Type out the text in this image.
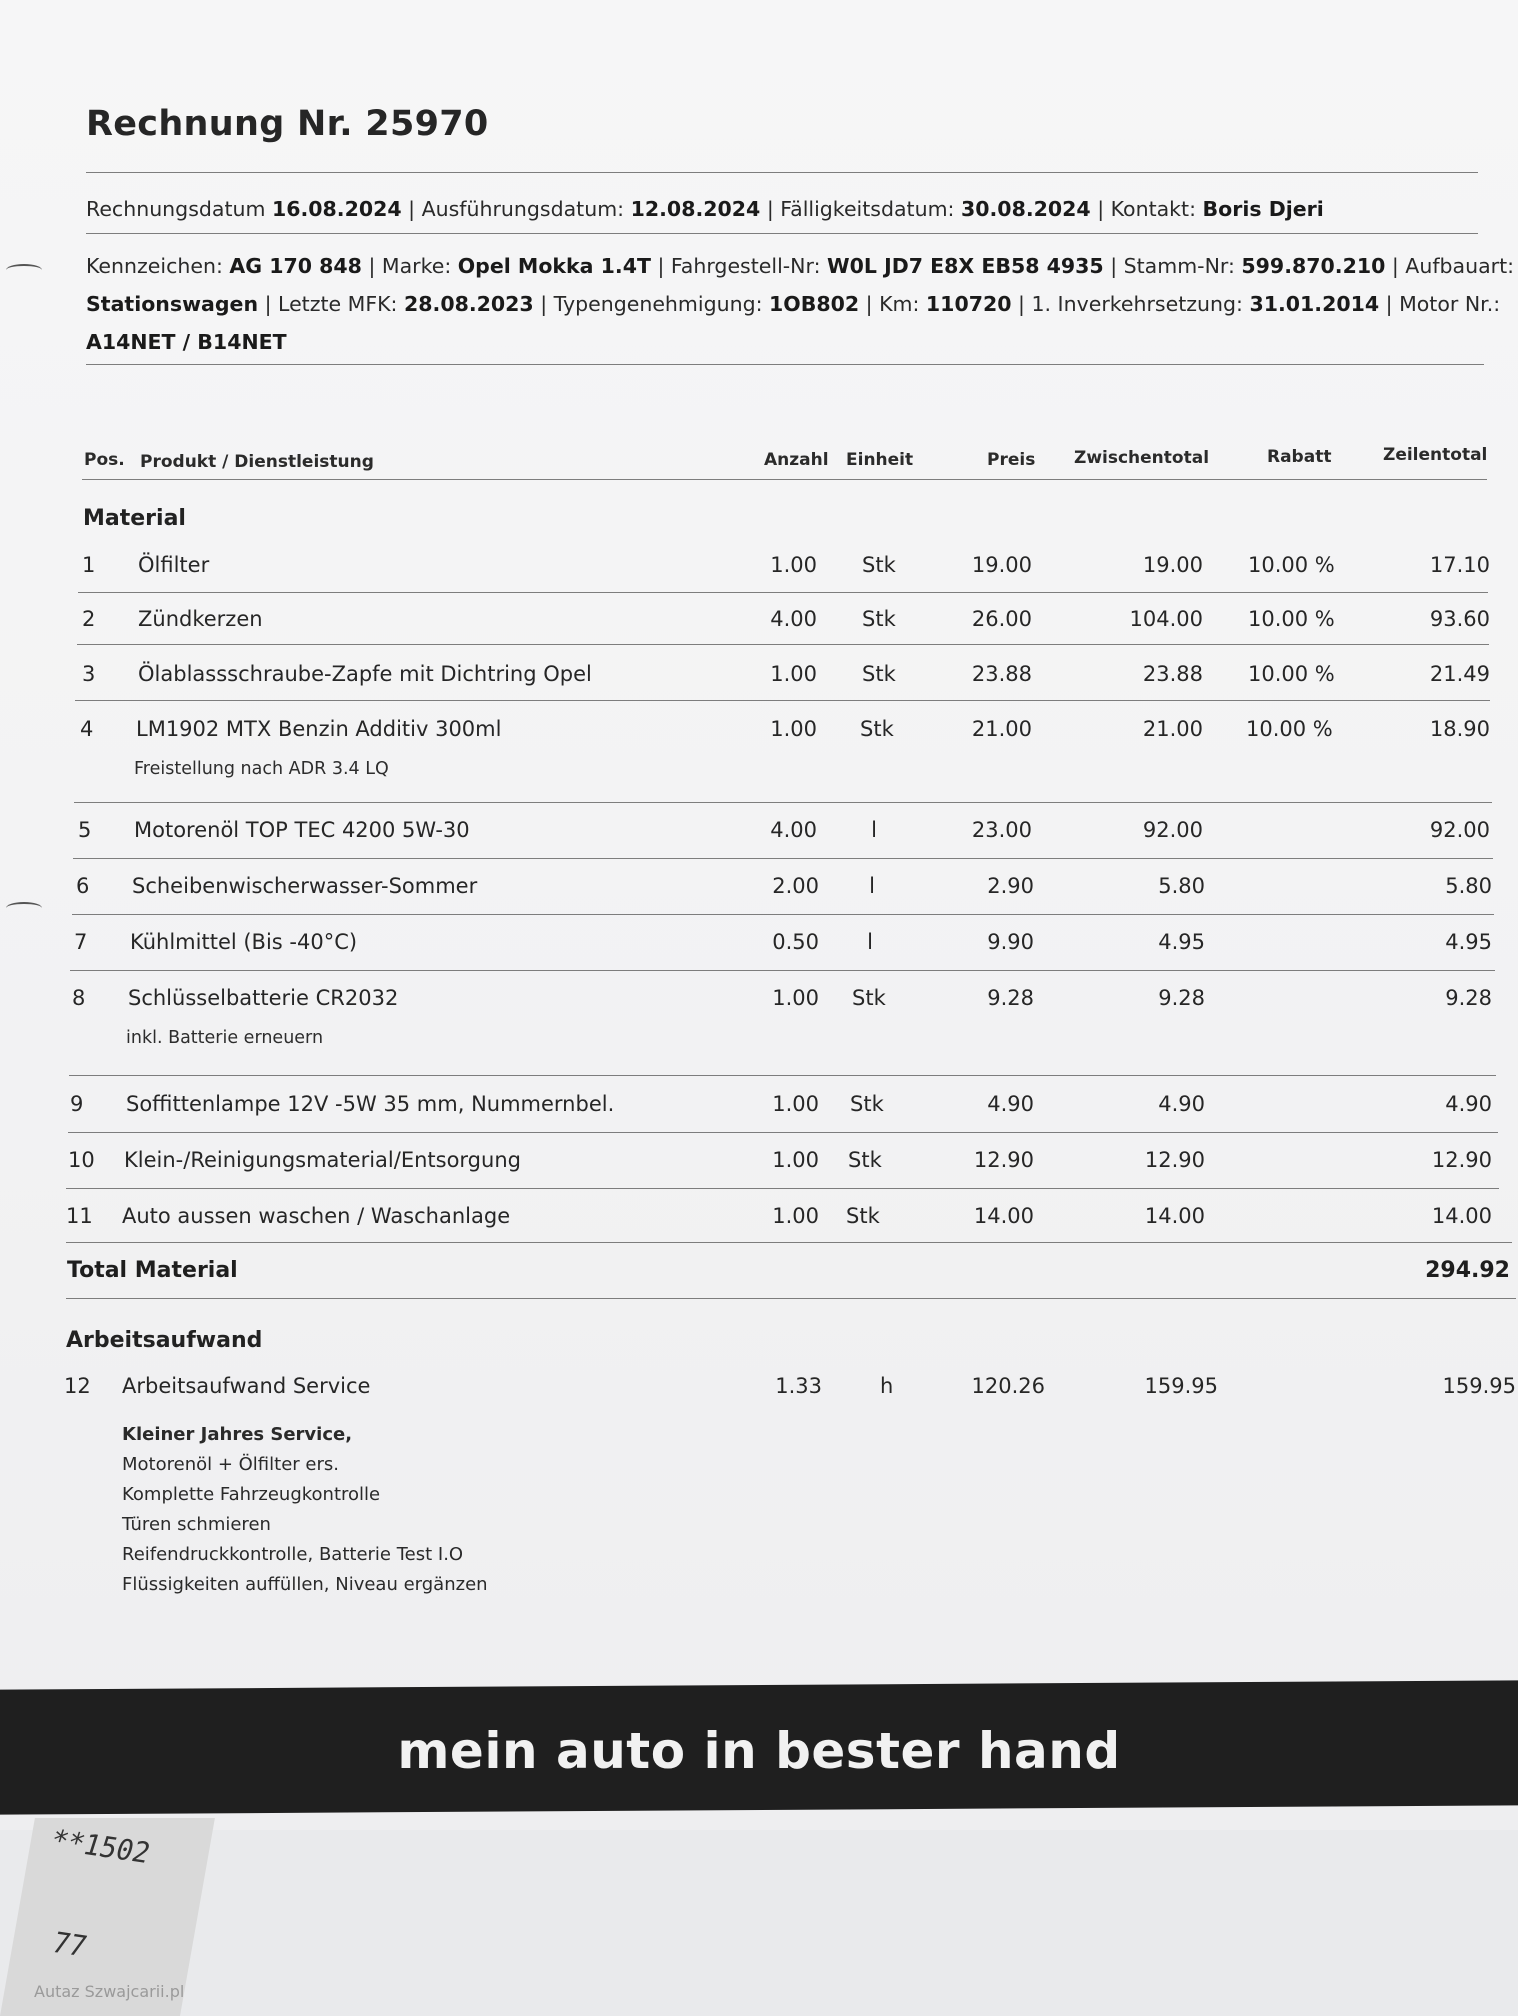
Rechnung Nr. 25970
Rechnungsdatum 16.08.2024 | Ausführungsdatum: 12.08.2024 | Fälligkeitsdatum: 30.08.2024 | Kontakt: Boris Djeri
Kennzeichen: AG 170 848 | Marke: Opel Mokka 1.4T | Fahrgestell-Nr: W0L JD7 E8X EB58 4935 | Stamm-Nr: 599.870.210 | Aufbauart:
Stationswagen | Letzte MFK: 28.08.2023 | Typengenehmigung: 1OB802 | Km: 110720 | 1. Inverkehrsetzung: 31.01.2014 | Motor Nr.:
A14NET / B14NET
Pos. Produkt / Dienstleistung	Anzahl Einheit	Preis Zwischentotal	Rabatt	Zeilentotal
Material
1 Ölfilter	1.00 Stk	19.00	19.00 10.00 %	17.10
2 Zündkerzen	4.00 Stk	26.00	104.00 10.00 %	93.60
3 Ölablassschraube-Zapfe mit Dichtring Opel	1.00 Stk	23.88	23.88 10.00 %	21.49
4 LM1902 MTX Benzin Additiv 300ml	1.00 Stk	21.00	21.00 10.00 %	18.90
Freistellung nach ADR 3.4 LQ
5 Motorenöl TOP TEC 4200 5W-30	4.00	l	23.00	92.00	92.00
6 Scheibenwischerwasser-Sommer	2.00	l	2.90	5.80	5.80
7 Kühlmittel (Bis -40°C)	0.50	l	9.90	4.95	4.95
8 Schlüsselbatterie CR2032	1.00 Stk	9.28	9.28	9.28
inkl. Batterie erneuern
9 Soffittenlampe 12V -5W 35 mm, Nummernbel.	1.00 Stk	4.90	4.90	4.90
10 Klein-/Reinigungsmaterial/Entsorgung	1.00 Stk	12.90	12.90	12.90
11 Auto aussen waschen / Waschanlage	1.00 Stk	14.00	14.00	14.00
Total Material	294.92
Arbeitsaufwand
12 Arbeitsaufwand Service	1.33	h	120.26	159.95	159.95
Kleiner Jahres Service,
Motorenöl + Ölfilter ers.
Komplette Fahrzeugkontrolle
Türen schmieren
Reifendruckkontrolle, Batterie Test I.O
Flüssigkeiten auffüllen, Niveau ergänzen
mein auto in bester hand
**1502
77
Autaz Szwajcarii.pl
